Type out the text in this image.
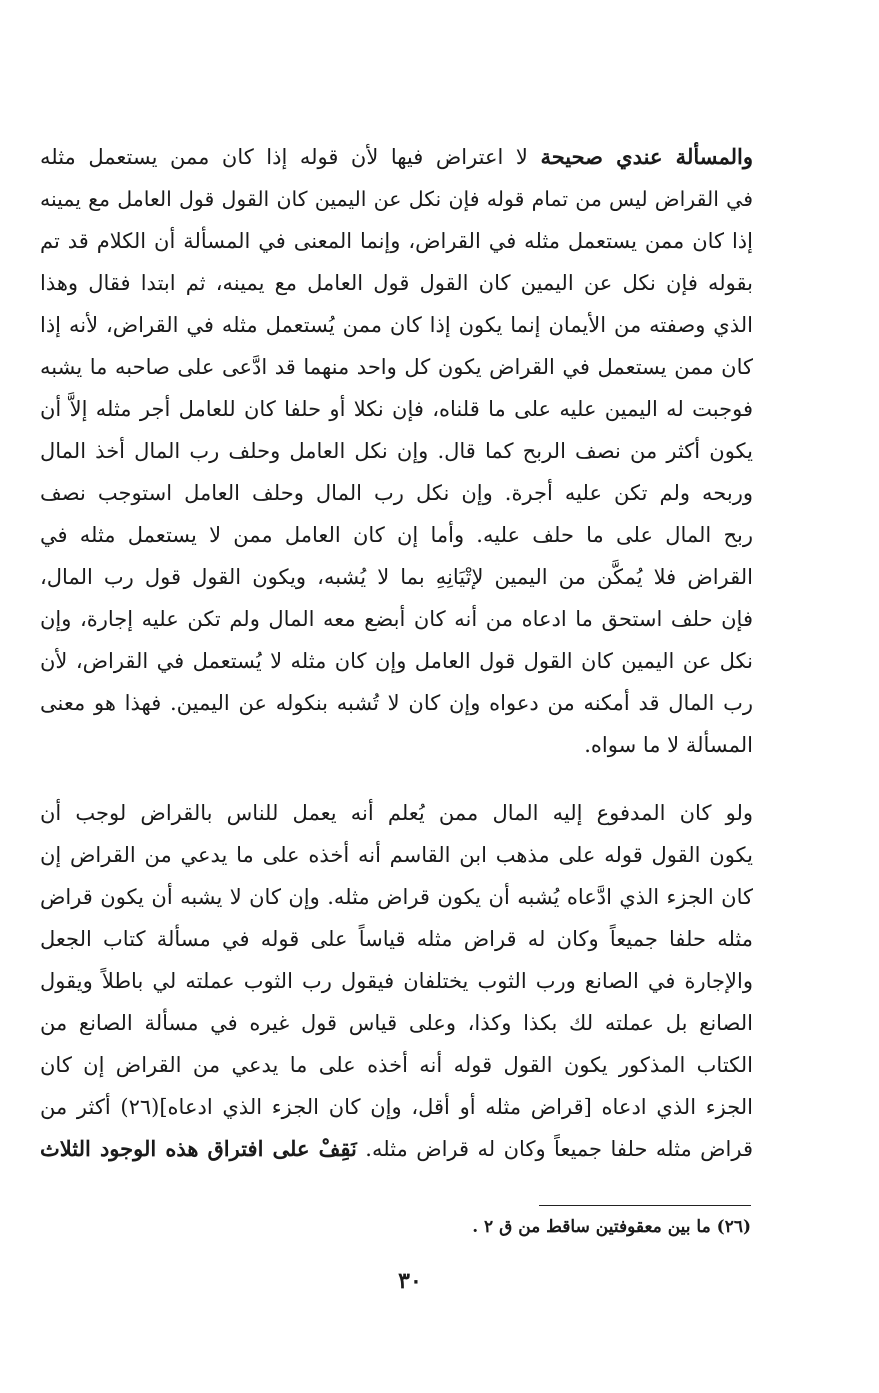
والمسألة عندي صحيحة لا اعتراض فيها لأن قوله إذا كان ممن يستعمل مثله
في القراض ليس من تمام قوله فإن نكل عن اليمين كان القول قول العامل مع يمينه
إذا كان ممن يستعمل مثله في القراض، وإنما المعنى في المسألة أن الكلام قد تم
بقوله فإن نكل عن اليمين كان القول قول العامل مع يمينه، ثم ابتدا فقال وهذا
الذي وصفته من الأيمان إنما يكون إذا كان ممن يُستعمل مثله في القراض، لأنه إذا
كان ممن يستعمل في القراض يكون كل واحد منهما قد ادَّعى على صاحبه ما يشبه
فوجبت له اليمين عليه على ما قلناه، فإن نكلا أو حلفا كان للعامل أجر مثله إلاَّ أن
يكون أكثر من نصف الربح كما قال. وإن نكل العامل وحلف رب المال أخذ المال
وربحه ولم تكن عليه أجرة. وإن نكل رب المال وحلف العامل استوجب نصف
ربح المال على ما حلف عليه. وأما إن كان العامل ممن لا يستعمل مثله في
القراض فلا يُمكَّن من اليمين لإتْيَانِهِ بما لا يُشبه، ويكون القول قول رب المال،
فإن حلف استحق ما ادعاه من أنه كان أبضع معه المال ولم تكن عليه إجارة، وإن
نكل عن اليمين كان القول قول العامل وإن كان مثله لا يُستعمل في القراض، لأن
رب المال قد أمكنه من دعواه وإن كان لا تُشبه بنكوله عن اليمين. فهذا هو معنى
المسألة لا ما سواه.
ولو كان المدفوع إليه المال ممن يُعلم أنه يعمل للناس بالقراض لوجب أن
يكون القول قوله على مذهب ابن القاسم أنه أخذه على ما يدعي من القراض إن
كان الجزء الذي ادَّعاه يُشبه أن يكون قراض مثله. وإن كان لا يشبه أن يكون قراض
مثله حلفا جميعاً وكان له قراض مثله قياساً على قوله في مسألة كتاب الجعل
والإجارة في الصانع ورب الثوب يختلفان فيقول رب الثوب عملته لي باطلاً ويقول
الصانع بل عملته لك بكذا وكذا، وعلى قياس قول غيره في مسألة الصانع من
الكتاب المذكور يكون القول قوله أنه أخذه على ما يدعي من القراض إن كان
الجزء الذي ادعاه [قراض مثله أو أقل، وإن كان الجزء الذي ادعاه](٢٦) أكثر من
قراض مثله حلفا جميعاً وكان له قراض مثله. نَقِفْ على افتراق هذه الوجود الثلاث
(٢٦) ما بين معقوفتين ساقط من ق ٢ .
٣٠
